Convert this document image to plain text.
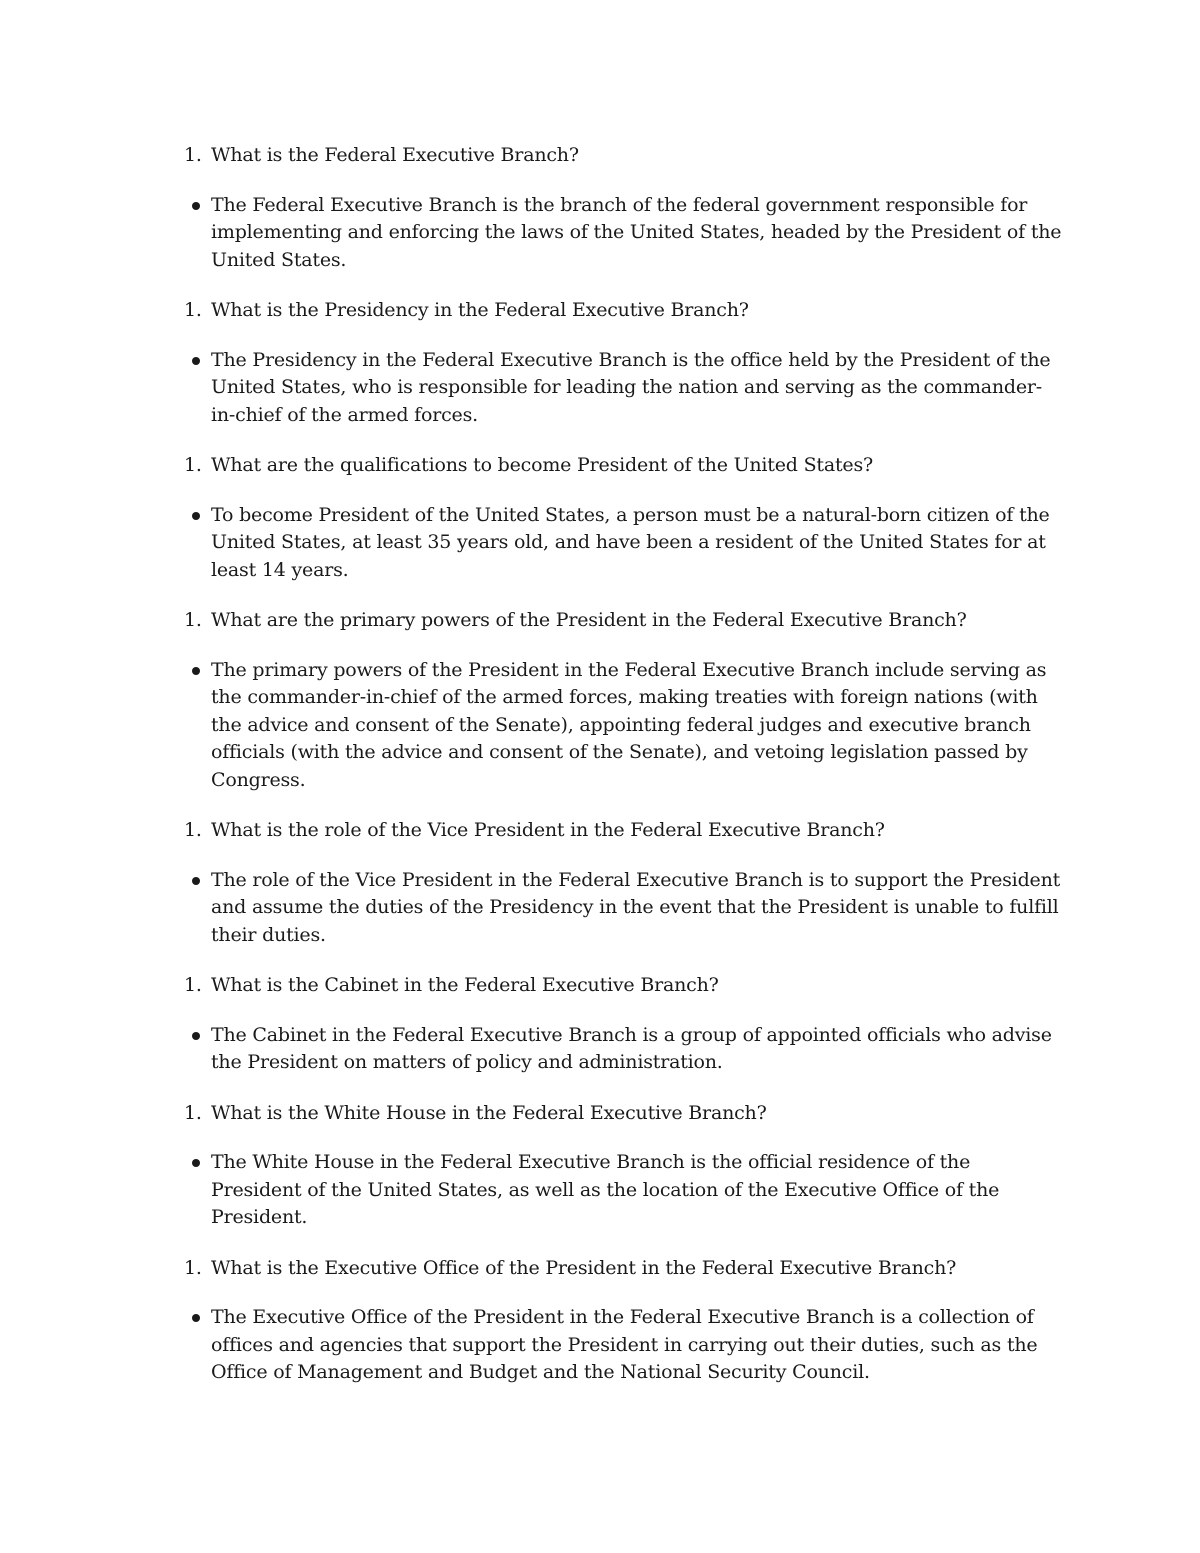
1. What is the Federal Executive Branch?
The Federal Executive Branch is the branch of the federal government responsible for implementing and enforcing the laws of the United States, headed by the President of the United States.
1. What is the Presidency in the Federal Executive Branch?
The Presidency in the Federal Executive Branch is the office held by the President of the United States, who is responsible for leading the nation and serving as the commander-in-chief of the armed forces.
1. What are the qualifications to become President of the United States?
To become President of the United States, a person must be a natural-born citizen of the United States, at least 35 years old, and have been a resident of the United States for at least 14 years.
1. What are the primary powers of the President in the Federal Executive Branch?
The primary powers of the President in the Federal Executive Branch include serving as the commander-in-chief of the armed forces, making treaties with foreign nations (with the advice and consent of the Senate), appointing federal judges and executive branch officials (with the advice and consent of the Senate), and vetoing legislation passed by Congress.
1. What is the role of the Vice President in the Federal Executive Branch?
The role of the Vice President in the Federal Executive Branch is to support the President and assume the duties of the Presidency in the event that the President is unable to fulfill their duties.
1. What is the Cabinet in the Federal Executive Branch?
The Cabinet in the Federal Executive Branch is a group of appointed officials who advise the President on matters of policy and administration.
1. What is the White House in the Federal Executive Branch?
The White House in the Federal Executive Branch is the official residence of the President of the United States, as well as the location of the Executive Office of the President.
1. What is the Executive Office of the President in the Federal Executive Branch?
The Executive Office of the President in the Federal Executive Branch is a collection of offices and agencies that support the President in carrying out their duties, such as the Office of Management and Budget and the National Security Council.
